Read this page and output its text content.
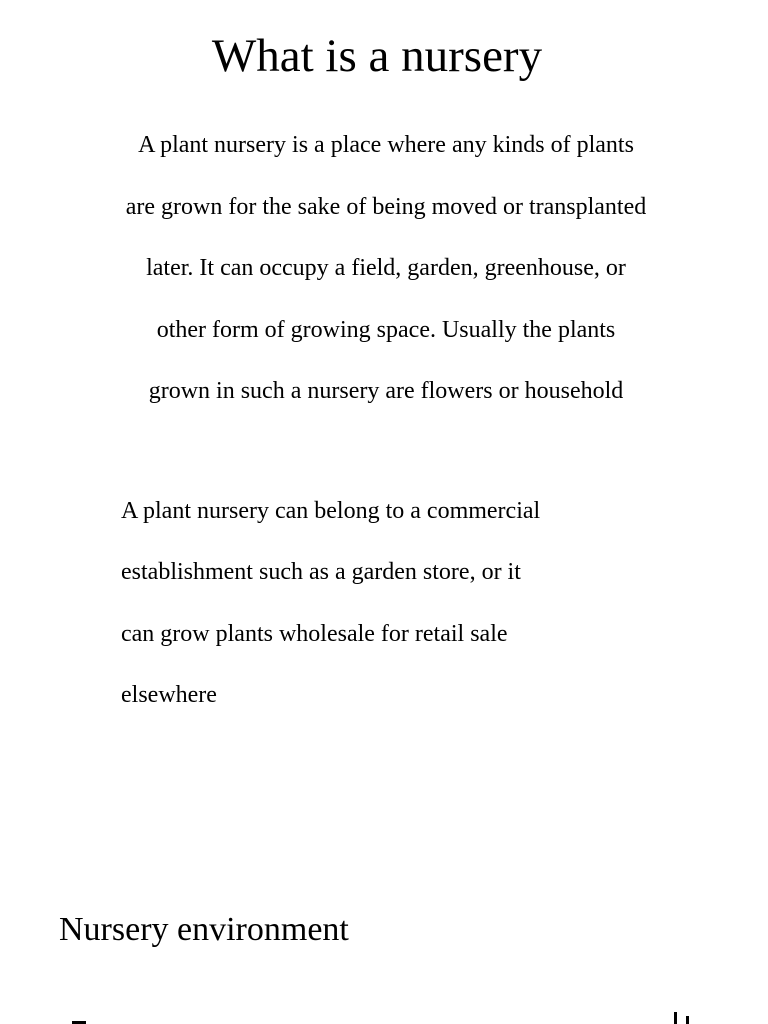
What is a nursery
A plant nursery is a place where any kinds of plants
are grown for the sake of being moved or transplanted
later. It can occupy a field, garden, greenhouse, or
other form of growing space. Usually the plants
grown in such a nursery are flowers or household
A plant nursery can belong to a commercial
establishment such as a garden store, or it
can grow plants wholesale for retail sale
elsewhere
Nursery environment
